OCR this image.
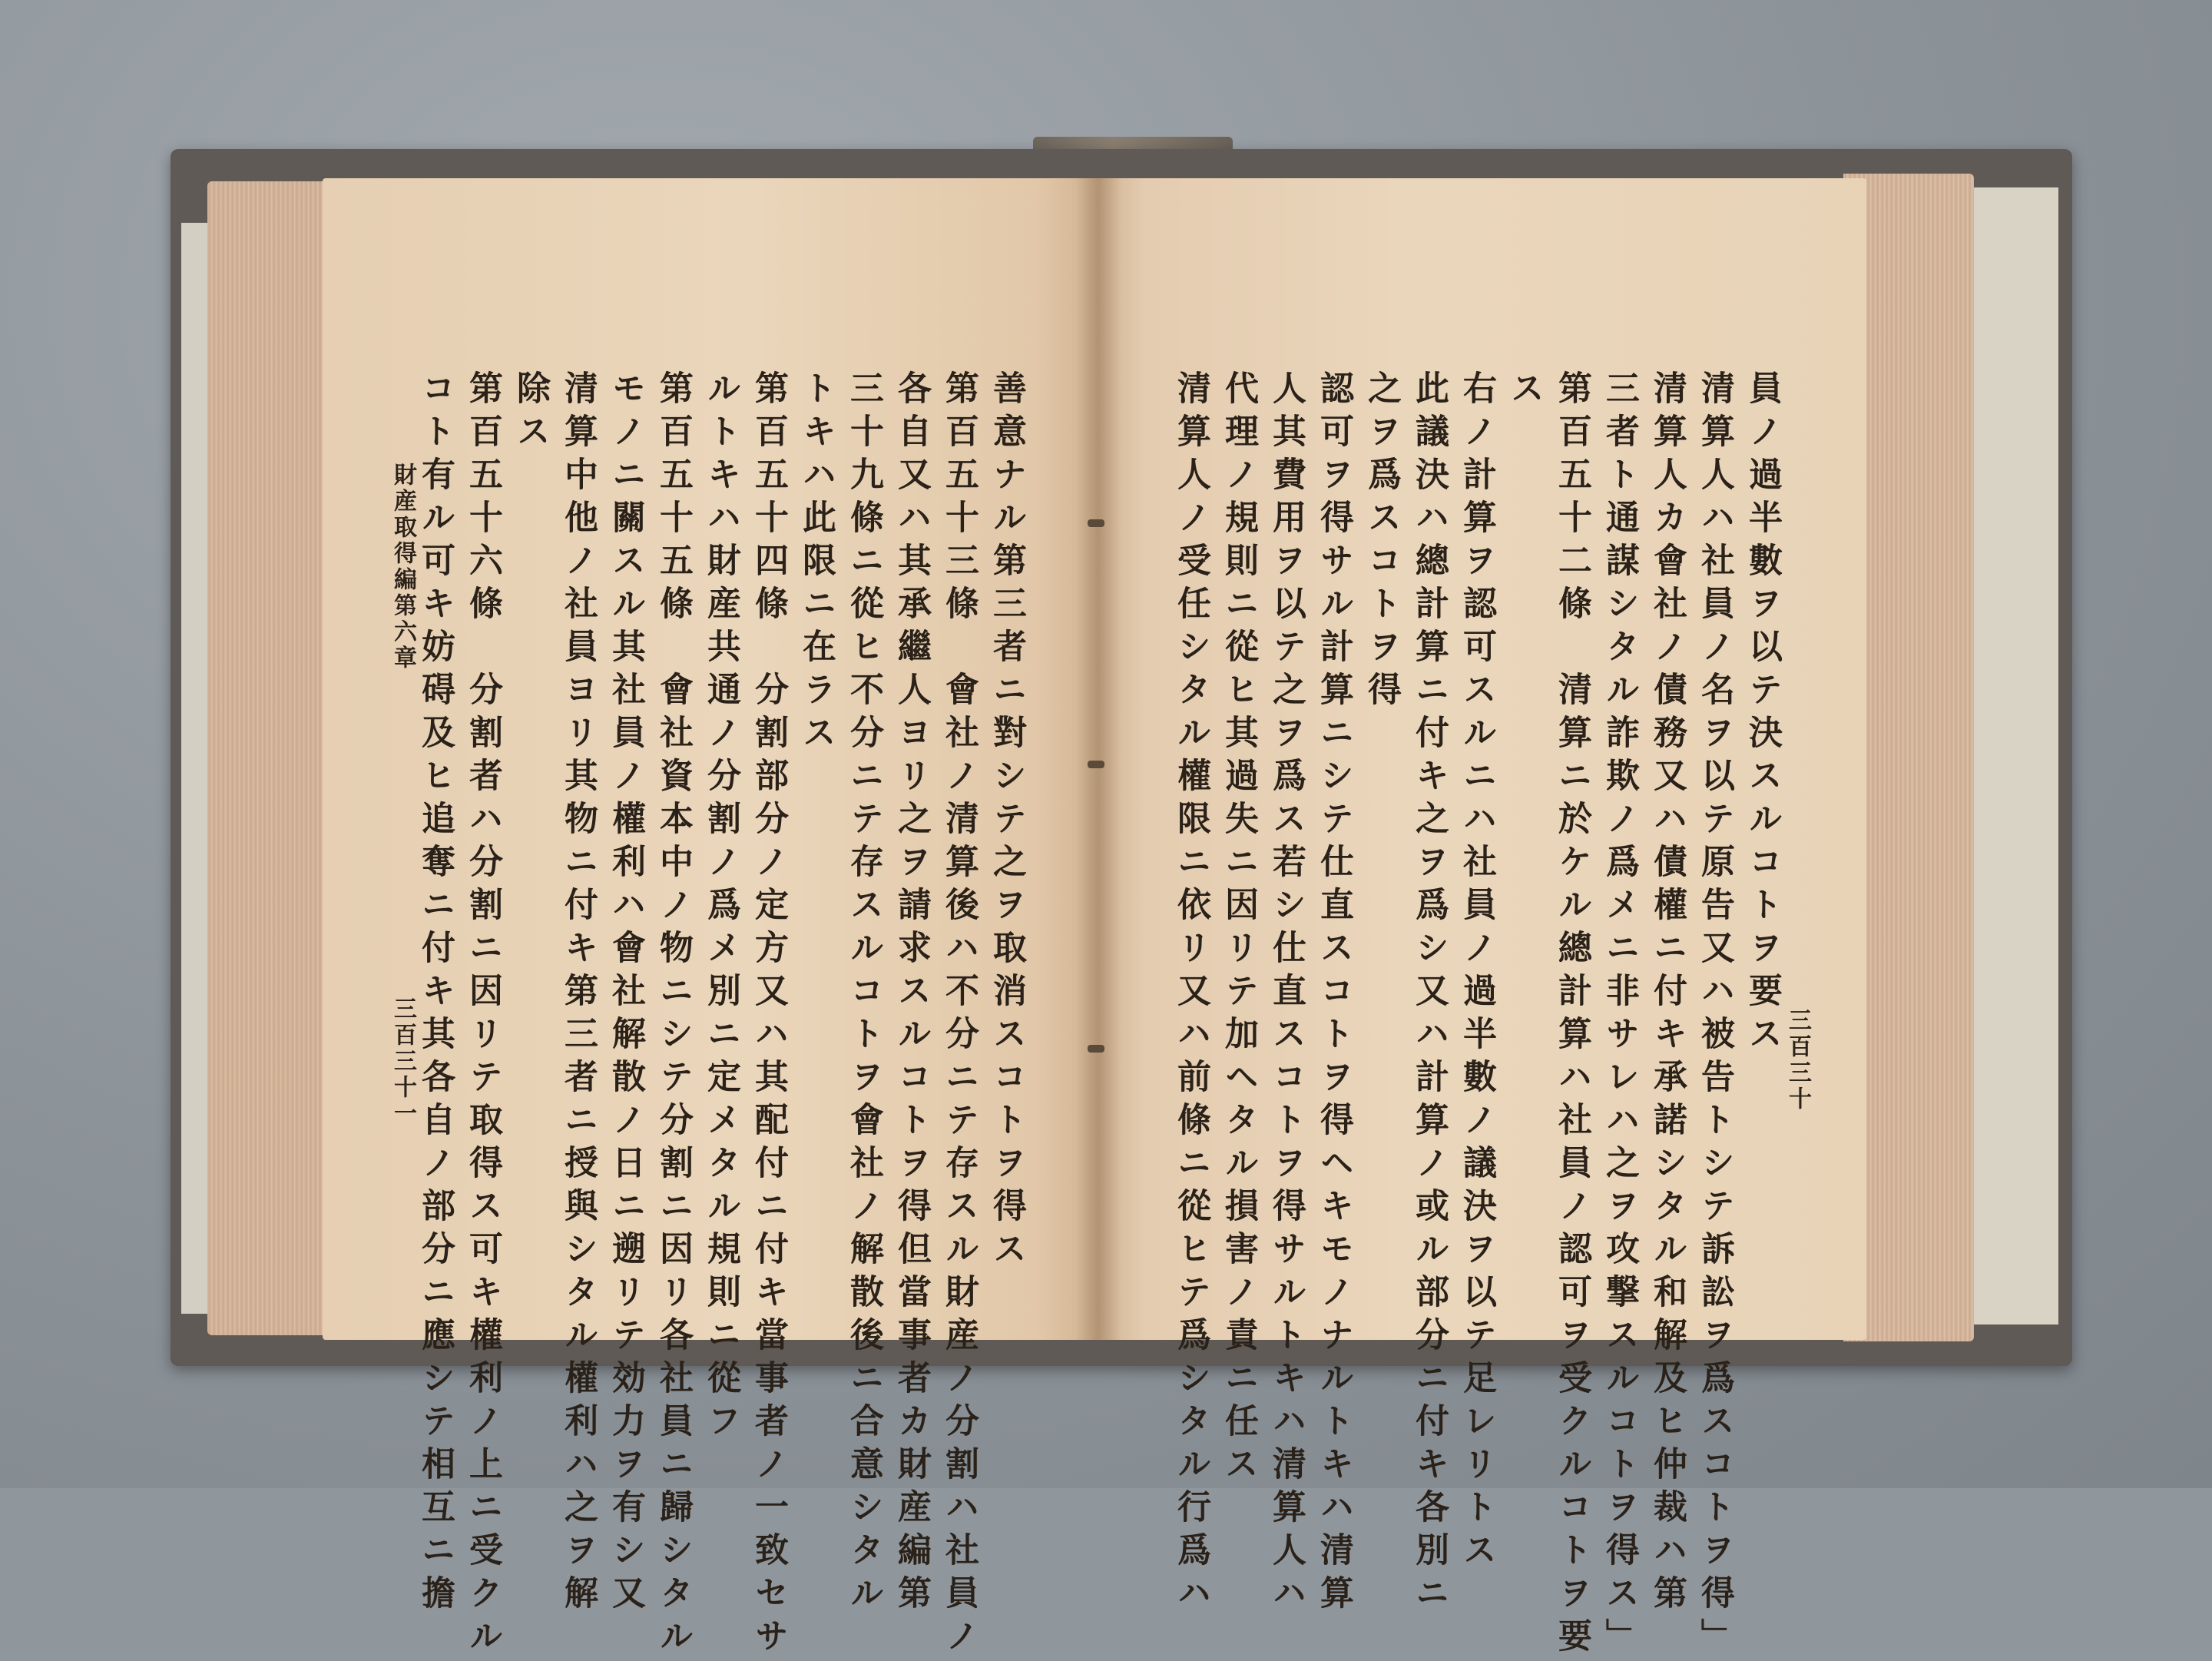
善意ナル第三者ニ對シテ之ヲ取消スコトヲ得ス
第百五十三條　會社ノ清算後ハ不分ニテ存スル財産ノ分割ハ社員ノ
各自又ハ其承繼人ヨリ之ヲ請求スルコトヲ得但當事者カ財産編第
三十九條ニ從ヒ不分ニテ存スルコトヲ會社ノ解散後ニ合意シタル
トキハ此限ニ在ラス
第百五十四條　分割部分ノ定方又ハ其配付ニ付キ當事者ノ一致セサ
ルトキハ財産共通ノ分割ノ爲メ別ニ定メタル規則ニ從フ
第百五十五條　會社資本中ノ物ニシテ分割ニ因リ各社員ニ歸シタル
モノニ關スル其社員ノ權利ハ會社解散ノ日ニ遡リテ効力ヲ有シ又
清算中他ノ社員ヨリ其物ニ付キ第三者ニ授與シタル權利ハ之ヲ解
除ス
第百五十六條　分割者ハ分割ニ因リテ取得ス可キ權利ノ上ニ受クル
コト有ル可キ妨碍及ヒ追奪ニ付キ其各自ノ部分ニ應シテ相互ニ擔
財産取得編第六章
三百三十一
員ノ過半數ヲ以テ決スルコトヲ要ス
清算人ハ社員ノ名ヲ以テ原告又ハ被告トシテ訴訟ヲ爲スコトヲ得」
清算人カ會社ノ債務又ハ債權ニ付キ承諾シタル和解及ヒ仲裁ハ第
三者ト通謀シタル詐欺ノ爲メニ非サレハ之ヲ攻撃スルコトヲ得ス」
第百五十二條　清算ニ於ケル總計算ハ社員ノ認可ヲ受クルコトヲ要
ス
右ノ計算ヲ認可スルニハ社員ノ過半數ノ議決ヲ以テ足レリトス
此議決ハ總計算ニ付キ之ヲ爲シ又ハ計算ノ或ル部分ニ付キ各別ニ
之ヲ爲スコトヲ得
認可ヲ得サル計算ニシテ仕直スコトヲ得ヘキモノナルトキハ清算
人其費用ヲ以テ之ヲ爲ス若シ仕直スコトヲ得サルトキハ清算人ハ
代理ノ規則ニ從ヒ其過失ニ因リテ加ヘタル損害ノ責ニ任ス
清算人ノ受任シタル權限ニ依リ又ハ前條ニ從ヒテ爲シタル行爲ハ	三百三十
